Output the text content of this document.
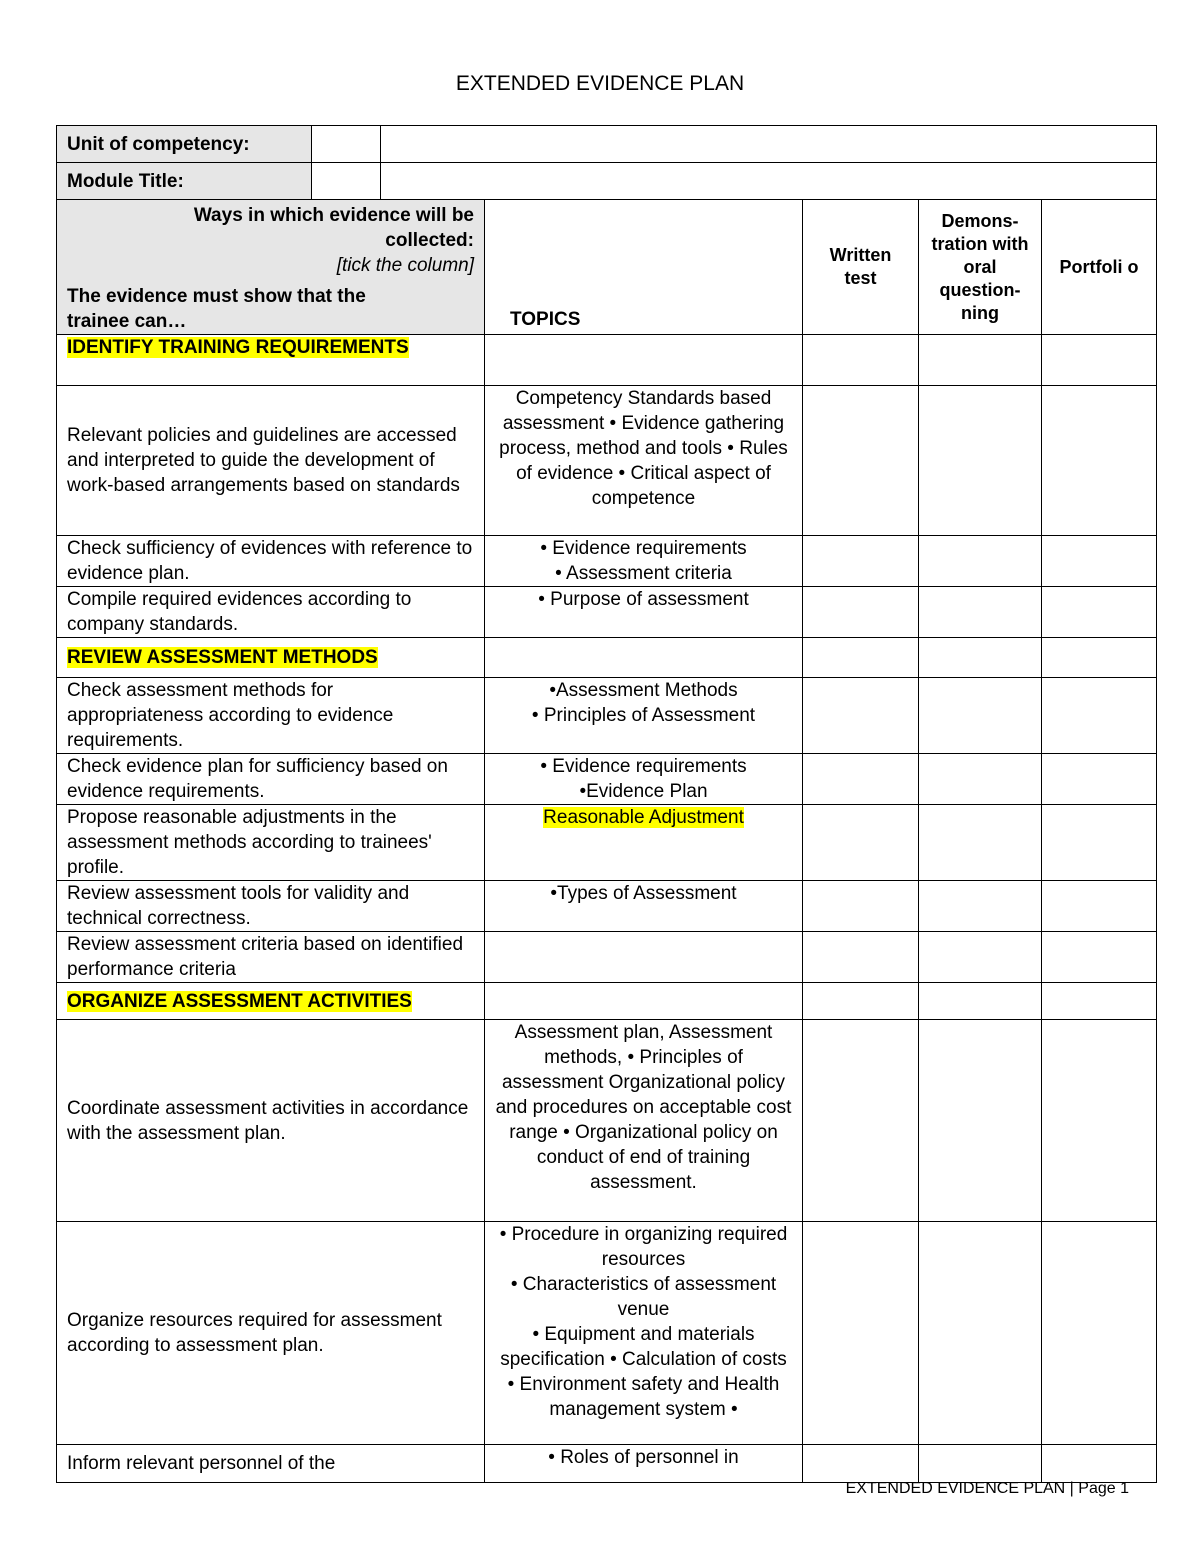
EXTENDED EVIDENCE PLAN
Unit of competency:						
Module Title:						

Ways in which evidence will be
collected:
[tick the column]
The evidence must show that the trainee can…			TOPICS	Written test	Demons-tration with oral question-ning	Portfoli o
IDENTIFY TRAINING REQUIREMENTS						
Relevant policies and guidelines are accessed and interpreted to guide the development of work-based arrangements based on standards			Competency Standards based assessment • Evidence gathering process, method and tools • Rules of evidence • Critical aspect of competence			
Check sufficiency of evidences with reference to evidence plan.			• Evidence requirements
• Assessment criteria			

Compile required evidences according to company standards.			• Purpose of assessment			
REVIEW ASSESSMENT METHODS						
Check assessment methods for appropriateness according to evidence requirements.			•Assessment Methods
• Principles of Assessment			

Check evidence plan for sufficiency based on evidence requirements.			• Evidence requirements
•Evidence Plan			

Propose reasonable adjustments in the assessment methods according to trainees' profile.			Reasonable Adjustment			
Review assessment tools for validity and technical correctness.			•Types of Assessment			
Review assessment criteria based on identified performance criteria						
ORGANIZE ASSESSMENT ACTIVITIES						
Coordinate assessment activities in accordance with the assessment plan.			Assessment plan, Assessment methods, • Principles of assessment Organizational policy and procedures on acceptable cost range • Organizational policy on conduct of end of training assessment.			
Organize resources required for assessment according to assessment plan.			• Procedure in organizing required resources
• Characteristics of assessment venue
• Equipment and materials specification • Calculation of costs • Environment safety and Health management system •			

Inform relevant personnel of the			• Roles of personnel in			
EXTENDED EVIDENCE PLAN | Page 1
